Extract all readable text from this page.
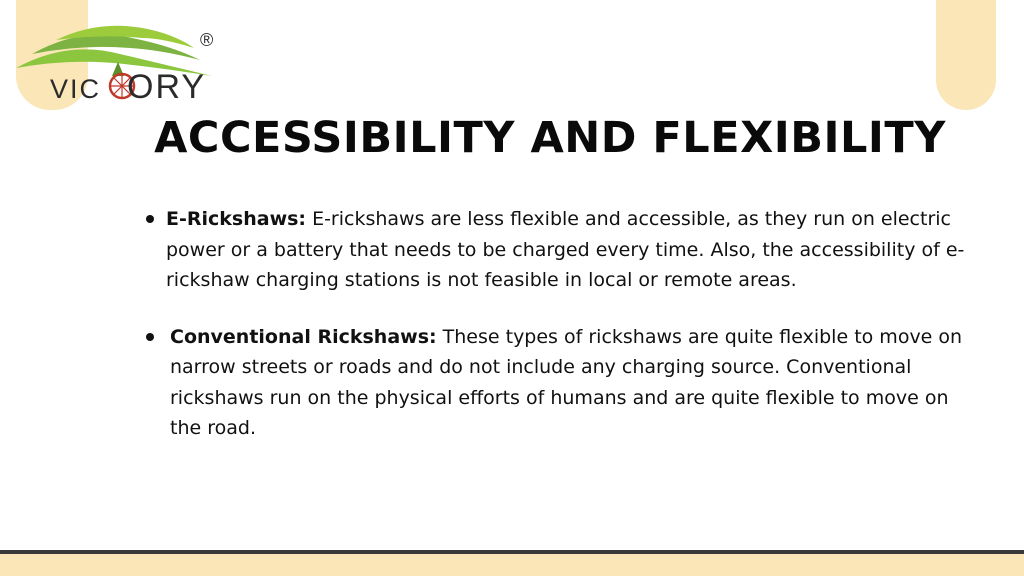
VIC ORY
®
ACCESSIBILITY AND FLEXIBILITY
E-Rickshaws: E-rickshaws are less flexible and accessible, as they run on electric power or a battery that needs to be charged every time. Also, the accessibility of e-rickshaw charging stations is not feasible in local or remote areas.
Conventional Rickshaws: These types of rickshaws are quite flexible to move on narrow streets or roads and do not include any charging source. Conventional rickshaws run on the physical efforts of humans and are quite flexible to move on the road.
